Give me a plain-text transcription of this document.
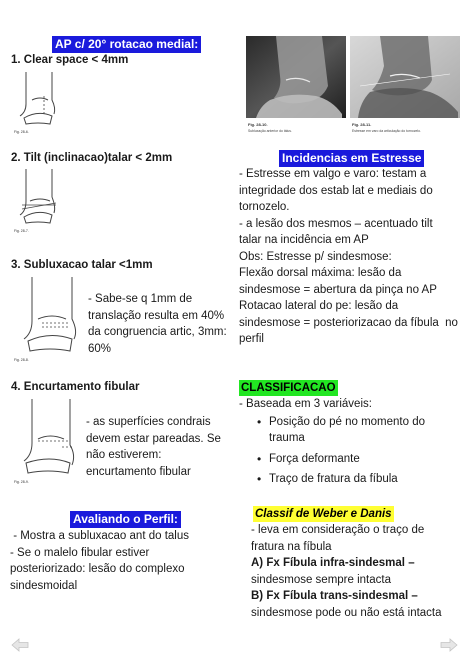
AP c/ 20° rotacao medial:
1. Clear space < 4mm
Fig. 28-6.
2. Tilt (inclinacao)talar < 2mm
Fig. 28-7.
3. Subluxacao talar <1mm
Fig. 28-8.
- Sabe-se q 1mm de
translação resulta em 40%
da congruencia artic, 3mm:
60%
4. Encurtamento fibular
Fig. 28-9.
- as superfícies condrais
devem estar pareadas. Se
não estiverem:
encurtamento fibular
Avaliando o Perfil:
- Mostra a subluxacao ant do talus
- Se o malelo fibular estiver
posteriorizado: lesão do complexo
sindesmoidal
Fig. 28-10.
Subluxação anterior do tálus.
Fig. 28-11.
Estresse em varo da articulação do tornozelo.
Incidencias em Estresse
- Estresse em valgo e varo: testam a
integridade dos estab lat e mediais do
tornozelo.
- a lesão dos mesmos – acentuado tilt
talar na incidência em AP
Obs: Estresse p/ sindesmose:
Flexão dorsal máxima: lesão da
sindesmose = abertura da pinça no AP
Rotacao lateral do pe: lesão da
sindesmose = posteriorizacao da fíbula  no
perfil
CLASSIFICACAO
- Baseada em 3 variáveis:
• Posição do pé no momento do
trauma
• Força deformante
• Traço de fratura da fíbula
Classif de Weber e Danis
- leva em consideração o traço de
fratura na fíbula
A) Fx Fíbula infra-sindesmal –
sindesmose sempre intacta
B) Fx Fíbula trans-sindesmal –
sindesmose pode ou não está intacta
